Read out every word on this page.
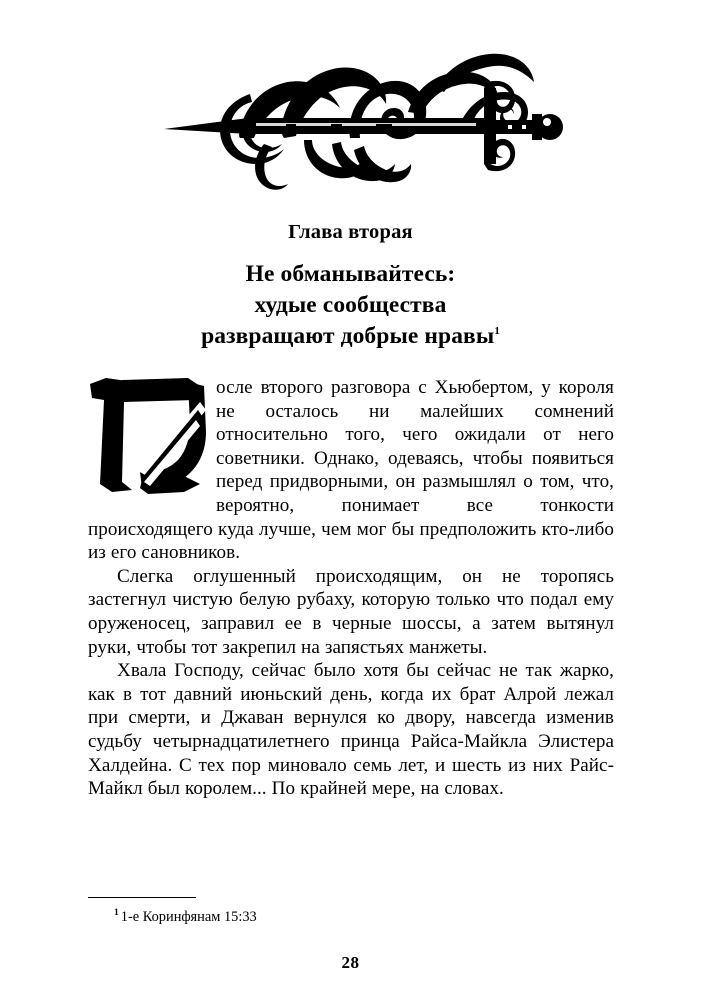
Глава вторая
Не обманывайтесь:
худые сообщества
развращают добрые нравы$^1$

осле второго разговора с Хьюбертом, у короля не осталось ни малейших сомнений относительно того, чего ожидали от него советники. Однако, одеваясь, чтобы появиться перед придворными, он размышлял о том, что, вероятно, понимает все тонкости происходящего куда лучше, чем мог бы предположить кто-либо из его сановников.

Слегка оглушенный происходящим, он не торопясь застегнул чистую белую рубаху, которую только что подал ему оруженосец, заправил ее в черные шоссы, а затем вытянул руки, чтобы тот закрепил на запястьях манжеты.

Хвала Господу, сейчас было хотя бы сейчас не так жарко, как в тот давний июньский день, когда их брат Алрой лежал при смерти, и Джаван вернулся ко двору, навсегда изменив судьбу четырнадцатилетнего принца Райса-Майкла Элистера Халдейна. С тех пор миновало семь лет, и шесть из них Райс-Майкл был королем... По крайней мере, на словах.

$^1$ 1-е Коринфянам 15:33
28
